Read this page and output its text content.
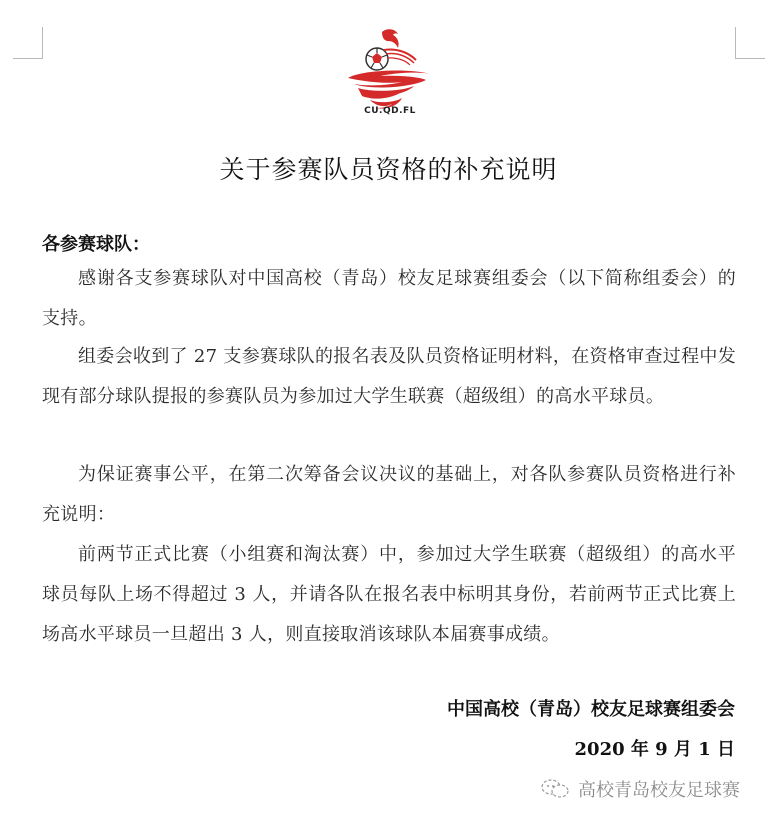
CU.QD.FL
关于参赛队员资格的补充说明
各参赛球队：
感谢各支参赛球队对中国高校（青岛）校友足球赛组委会（以下简称组委会）的支持。
组委会收到了 27 支参赛球队的报名表及队员资格证明材料，在资格审查过程中发现有部分球队提报的参赛队员为参加过大学生联赛（超级组）的高水平球员。
为保证赛事公平，在第二次筹备会议决议的基础上，对各队参赛队员资格进行补充说明：
前两节正式比赛（小组赛和淘汰赛）中，参加过大学生联赛（超级组）的高水平球员每队上场不得超过 3 人，并请各队在报名表中标明其身份，若前两节正式比赛上场高水平球员一旦超出 3 人，则直接取消该球队本届赛事成绩。
中国高校（青岛）校友足球赛组委会
2020 年 9 月 1 日
高校青岛校友足球赛
